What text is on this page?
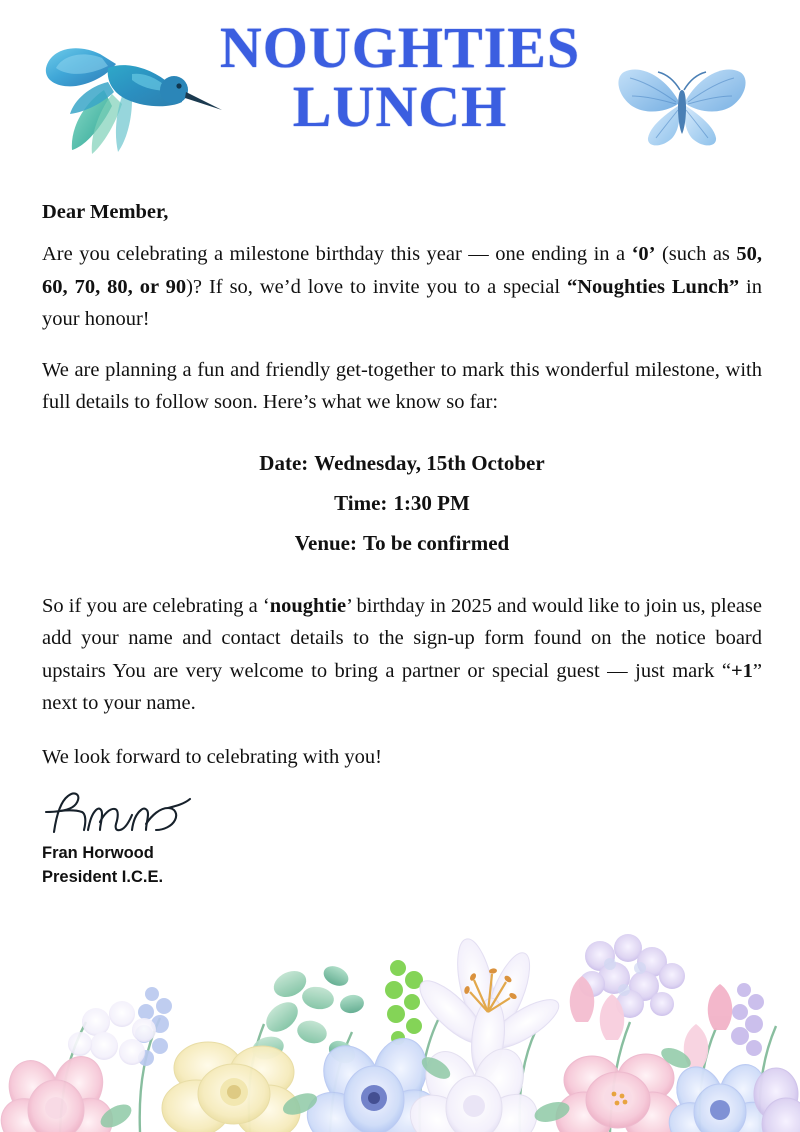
NOUGHTIES
LUNCH

Dear Member,

Are you celebrating a milestone birthday this year — one ending in a ‘0’ (such as 50, 60, 70, 80, or 90)? If so, we’d love to invite you to a special “Noughties Lunch” in your honour!

We are planning a fun and friendly get-together to mark this wonderful milestone, with full details to follow soon. Here’s what we know so far:

Date: Wednesday, 15th October
Time: 1:30 PM
Venue: To be confirmed

So if you are celebrating a ‘noughtie’ birthday in 2025 and would like to join us, please add your name and contact details to the sign-up form found on the notice board upstairs You are very welcome to bring a partner or special guest — just mark “+1” next to your name.

We look forward to celebrating with you!

Fran Horwood
President I.C.E.
